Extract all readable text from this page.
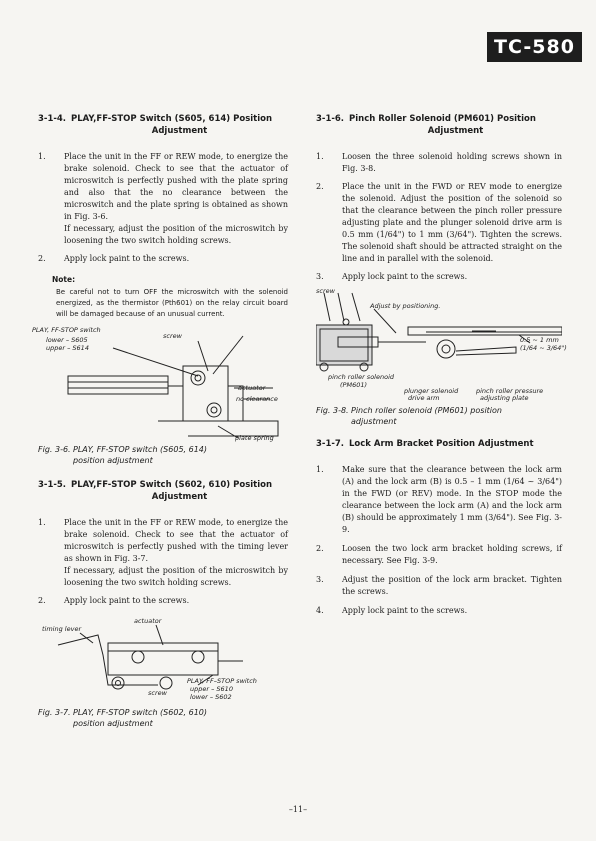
TC-580
3-1-4. PLAY,FF-STOP Switch (S605, 614) Position
Adjustment
1. Place the unit in the FF or REW mode, to energize the brake solenoid. Check to see that the actuator of microswitch is perfectly pushed with the plate spring and also that the no clearance between the microswitch and the plate spring is obtained as shown in Fig. 3-6.
If necessary, adjust the position of the microswitch by loosening the two switch holding screws.
2. Apply lock paint to the screws.
Note:
Be careful not to turn OFF the microswitch with the solenoid energized, as the thermistor (Pth601) on the relay circuit board will be damaged because of an unusual current.
PLAY, FF-STOP switch
lower – S605
upper – S614
screw
actuator
no clearance
plate spring
Fig. 3-6. PLAY, FF-STOP switch (S605, 614)
position adjustment
3-1-5. PLAY,FF-STOP Switch (S602, 610) Position
Adjustment
1. Place the unit in the FF or REW mode, to energize the brake solenoid. Check to see that the actuator of microswitch is perfectly pushed with the timing lever as shown in Fig. 3-7.
If necessary, adjust the position of the microswitch by loosening the two switch holding screws.
2. Apply lock paint to the screws.
actuator
timing lever
screw
PLAY, FF–STOP switch
upper – S610
lower – S602
Fig. 3-7. PLAY, FF-STOP switch (S602, 610)
position adjustment
3-1-6. Pinch Roller Solenoid (PM601) Position
Adjustment
1. Loosen the three solenoid holding screws shown in Fig. 3-8.
2. Place the unit in the FWD or REV mode to energize the solenoid. Adjust the position of the solenoid so that the clearance between the pinch roller pressure adjusting plate and the plunger solenoid drive arm is 0.5 mm (1/64") to 1 mm (3/64"). Tighten the screws. The solenoid shaft should be attracted straight on the line and in parallel with the solenoid.
3. Apply lock paint to the screws.
screw
Adjust by positioning.
0.5 ~ 1 mm
(1/64 ~ 3/64")
pinch roller solenoid
(PM601)
plunger solenoid
drive arm
pinch roller pressure
adjusting plate
Fig. 3-8. Pinch roller solenoid (PM601) position
adjustment
3-1-7. Lock Arm Bracket Position Adjustment
1. Make sure that the clearance between the lock arm (A) and the lock arm (B) is 0.5 – 1 mm (1/64 ~ 3/64") in the FWD (or REV) mode. In the STOP mode the clearance between the lock arm (A) and the lock arm (B) should be approximately 1 mm (3/64"). See Fig. 3-9.
2. Loosen the two lock arm bracket holding screws, if necessary. See Fig. 3-9.
3. Adjust the position of the lock arm bracket. Tighten the screws.
4. Apply lock paint to the screws.
–11–
